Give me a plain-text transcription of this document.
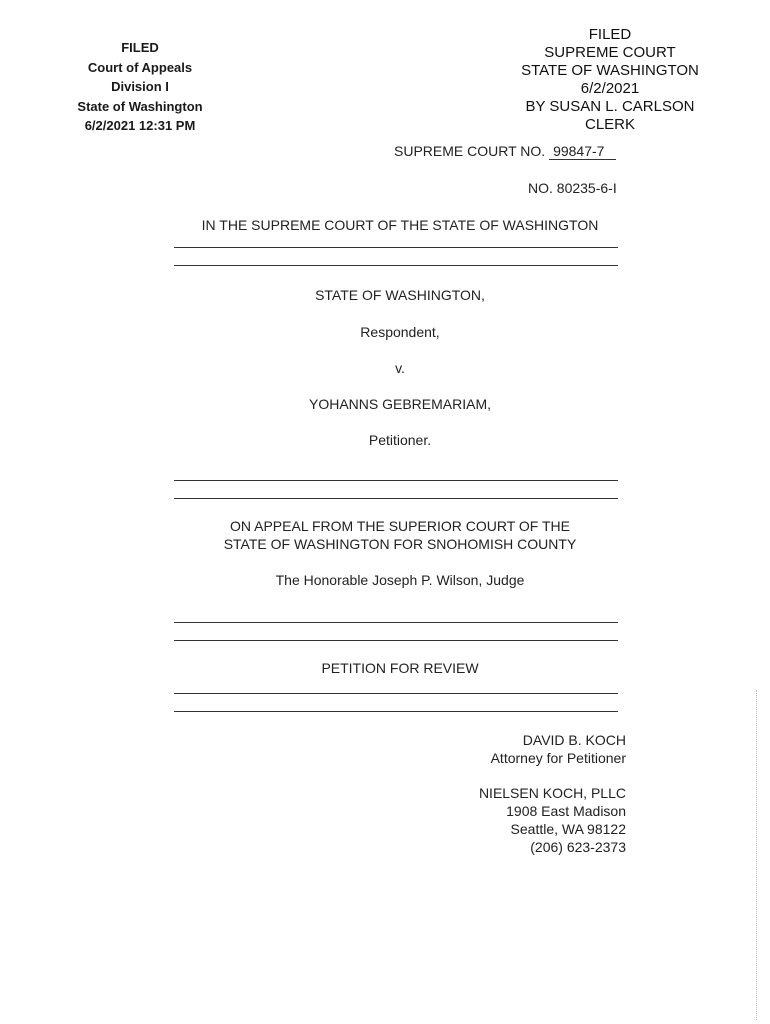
FILED
Court of Appeals
Division I
State of Washington
6/2/2021 12:31 PM
FILED
SUPREME COURT
STATE OF WASHINGTON
6/2/2021
BY SUSAN L. CARLSON
CLERK
SUPREME COURT NO. 99847-7
NO. 80235-6-I
IN THE SUPREME COURT OF THE STATE OF WASHINGTON
STATE OF WASHINGTON,
Respondent,
v.
YOHANNS GEBREMARIAM,
Petitioner.
ON APPEAL FROM THE SUPERIOR COURT OF THE
STATE OF WASHINGTON FOR SNOHOMISH COUNTY
The Honorable Joseph P. Wilson, Judge
PETITION FOR REVIEW
DAVID B. KOCH
Attorney for Petitioner
NIELSEN KOCH, PLLC
1908 East Madison
Seattle, WA 98122
(206) 623-2373
